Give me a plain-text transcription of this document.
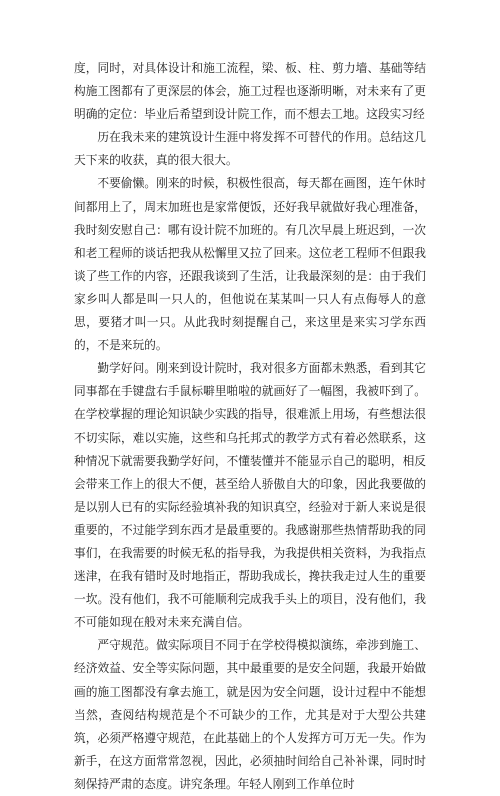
度，同时，对具体设计和施工流程，梁、板、柱、剪力墙、基础等结构施工图都有了更深层的体会，施工过程也逐渐明晰，对未来有了更明确的定位：毕业后希望到设计院工作，而不想去工地。这段实习经

历在我未来的建筑设计生涯中将发挥不可替代的作用。总结这几天下来的收获，真的很大很大。

不要偷懒。刚来的时候，积极性很高，每天都在画图，连午休时间都用上了，周末加班也是家常便饭，还好我早就做好我心理准备，我时刻安慰自己：哪有设计院不加班的。有几次早晨上班迟到，一次和老工程师的谈话把我从松懈里又拉了回来。这位老工程师不但跟我谈了些工作的内容，还跟我谈到了生活，让我最深刻的是：由于我们家乡叫人都是叫一只人的，但他说在某某叫一只人有点侮辱人的意思，要猪才叫一只。从此我时刻提醒自己，来这里是来实习学东西的，不是来玩的。

勤学好问。刚来到设计院时，我对很多方面都未熟悉，看到其它同事都在手键盘右手鼠标噼里啪啦的就画好了一幅图，我被吓到了。在学校掌握的理论知识缺少实践的指导，很难派上用场，有些想法很不切实际，难以实施，这些和乌托邦式的教学方式有着必然联系，这种情况下就需要我勤学好问，不懂装懂并不能显示自己的聪明，相反会带来工作上的很大不便，甚至给人骄傲自大的印象，因此我要做的是以别人已有的实际经验填补我的知识真空，经验对于新人来说是很重要的，不过能学到东西才是最重要的。我感谢那些热情帮助我的同事们，在我需要的时候无私的指导我，为我提供相关资料，为我指点迷津，在我有错时及时地指正，帮助我成长，搀扶我走过人生的重要一坎。没有他们，我不可能顺利完成我手头上的项目，没有他们，我不可能如现在般对未来充满自信。

严守规范。做实际项目不同于在学校得模拟演练，牵涉到施工、经济效益、安全等实际问题，其中最重要的是安全问题，我最开始做画的施工图都没有拿去施工，就是因为安全问题，设计过程中不能想当然，查阅结构规范是个不可缺少的工作，尤其是对于大型公共建筑，必须严格遵守规范，在此基础上的个人发挥方可万无一失。作为新手，在这方面常常忽视，因此，必须抽时间给自己补补课，同时时刻保持严肃的态度。讲究条理。年轻人刚到工作单位时
